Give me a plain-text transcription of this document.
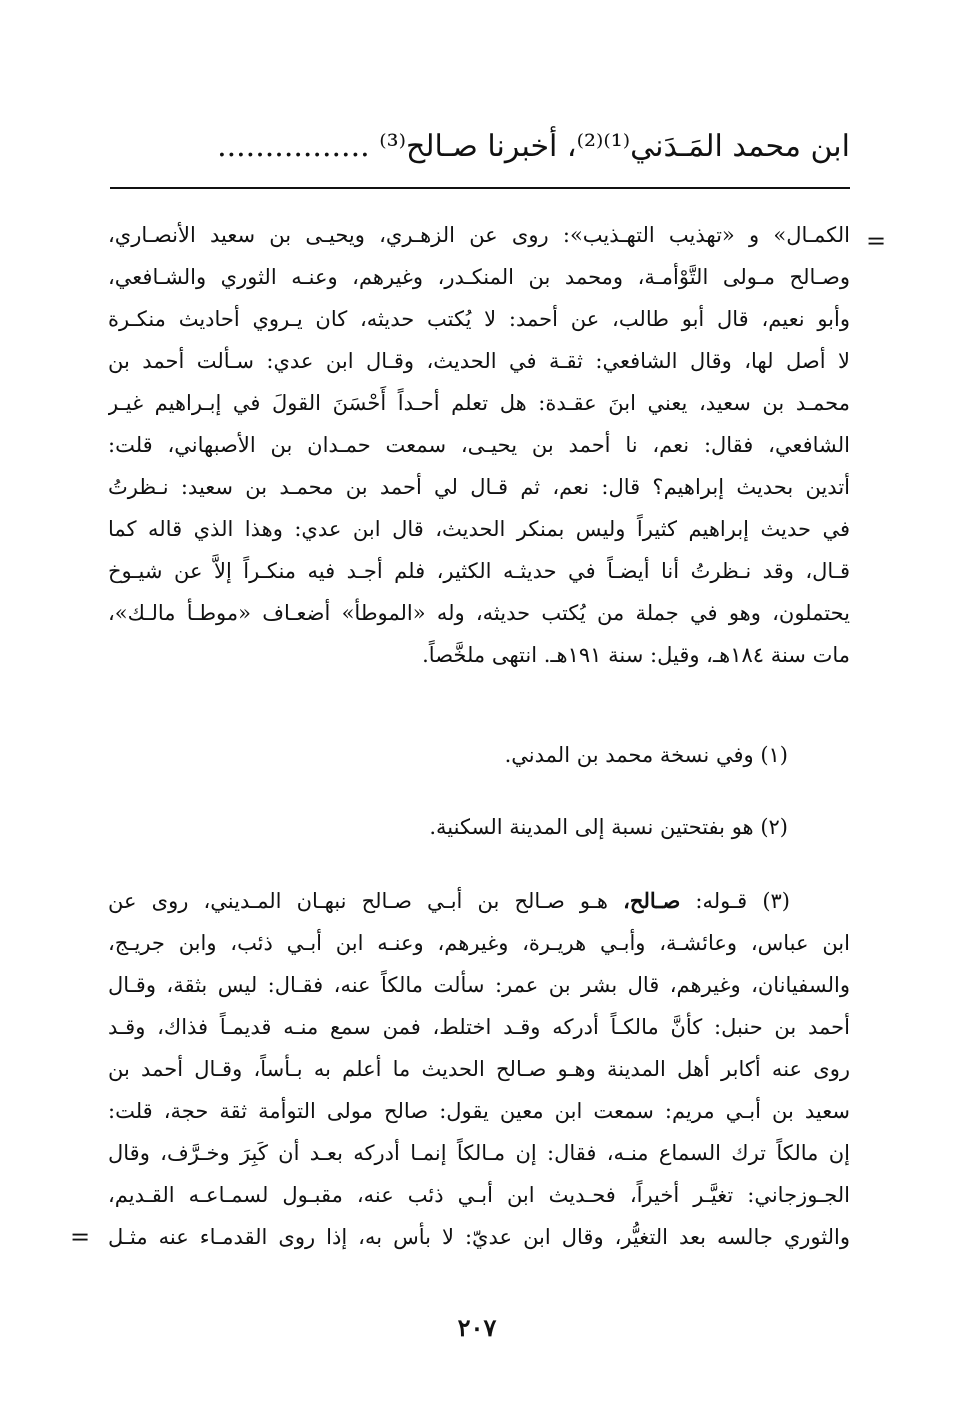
ابن محمد المَـدَني⁽¹⁾⁽²⁾، أخبرنا صـالح⁽³⁾ ................
=
الكمـال» و «تهذيب التهـذيب»: روى عن الزهـري، ويحيـى بن سعيد الأنصـاري،
وصـالح مـولى التَّوْأمـة، ومحمد بن المنكـدر، وغيرهم، وعنـه الثوري والشـافعي،
وأبو نعيم، قال أبو طالب، عن أحمد: لا يُكتب حديثه، كان يـروي أحاديث منكـرة
لا أصل لها، وقال الشافعي: ثقـة في الحديث، وقـال ابن عدي: سـألت أحمد بن
محمـد بن سعيد، يعني ابنَ عقـدة: هل تعلم أحـداً أَحْسَنَ القولَ في إبـراهيم غيـر
الشافعي، فقال: نعم، نا أحمد بن يحيـى، سمعت حمـدان بن الأصبهاني، قلت:
أتدين بحديث إبراهيم؟ قال: نعم، ثم قـال لي أحمد بن محمـد بن سعيد: نـظرتُ
في حديث إبراهيم كثيراً وليس بمنكر الحديث، قال ابن عدي: وهذا الذي قاله كما
قـال، وقد نـظرتُ أنا أيضـاً في حديثـه الكثير، فلم أجـد فيه منكـراً إلاَّ عن شيـوخ
يحتملون، وهو في جملة من يُكتب حديثه، وله «الموطأ» أضعـاف «موطـأ مالـك»،
مات سنة ١٨٤هـ، وقيل: سنة ١٩١هـ. انتهى ملخَّصاً.
(١) وفي نسخة محمد بن المدني.
(٢) هو بفتحتين نسبة إلى المدينة السكنية.
(٣) قـوله: صـالح، هـو صـالح بن أبـي صـالح نبهـان المـديني، روى عن
ابن عباس، وعائشـة، وأبـي هريـرة، وغيرهم، وعنـه ابن أبـي ذئب، وابن جريـج،
والسفيانان، وغيرهم، قال بشر بن عمر: سألت مالكاً عنه، فقـال: ليس بثقة، وقـال
أحمد بن حنبل: كأنَّ مالكـاً أدركه وقـد اختلط، فمن سمع منـه قديمـاً فذاك، وقـد
روى عنه أكابر أهل المدينة وهـو صـالح الحديث ما أعلم به بـأساً، وقـال أحمد بن
سعيد بن أبـي مريم: سمعت ابن معين يقول: صالح مولى التوأمة ثقة حجة، قلت:
إن مالكاً ترك السماع منـه، فقال: إن مـالكاً إنمـا أدركه بعـد أن كَبِرَ وخـرَّف، وقال
الجـوزجاني: تغيَّـر أخيراً، فحـديث ابن أبـي ذئب عنه، مقبـول لسمـاعـه القـديم،
والثوري جالسه بعد التغيُّر، وقال ابن عديّ: لا بأس به، إذا روى القدمـاء عنه مثـل
=
٢٠٧
